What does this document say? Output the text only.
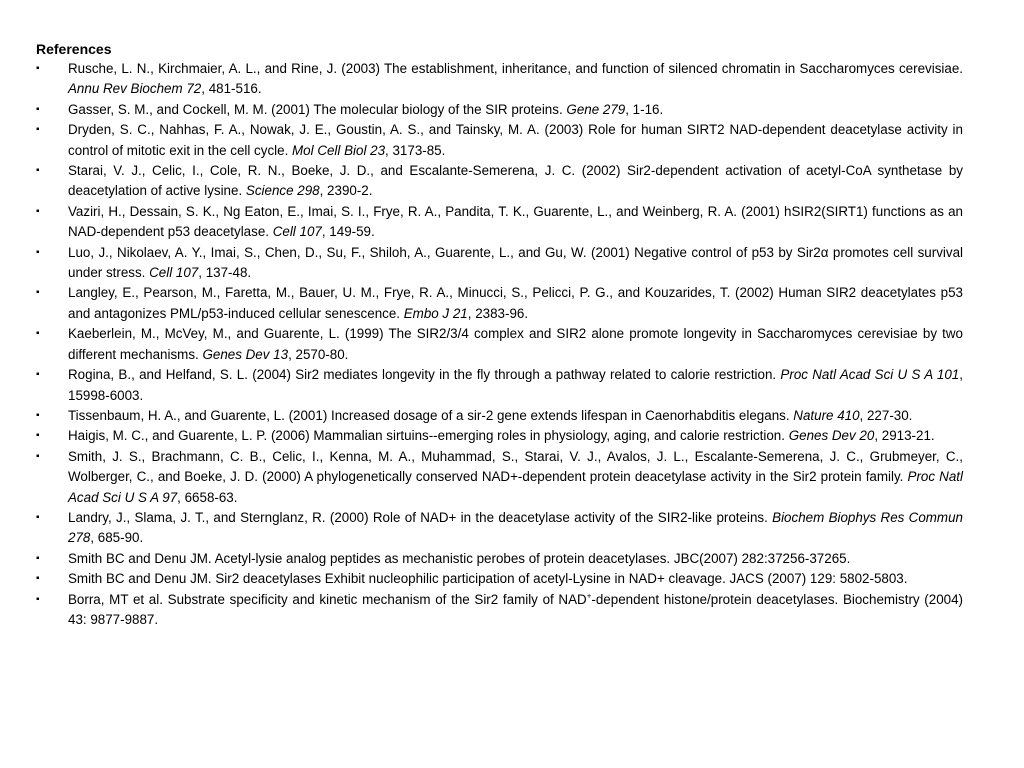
References
▪	Rusche, L. N., Kirchmaier, A. L., and Rine, J. (2003) The establishment, inheritance, and function of silenced chromatin in Saccharomyces cerevisiae. Annu Rev Biochem 72, 481-516.
▪	Gasser, S. M., and Cockell, M. M. (2001) The molecular biology of the SIR proteins. Gene 279, 1-16.
▪	Dryden, S. C., Nahhas, F. A., Nowak, J. E., Goustin, A. S., and Tainsky, M. A. (2003) Role for human SIRT2 NAD-dependent deacetylase activity in control of mitotic exit in the cell cycle. Mol Cell Biol 23, 3173-85.
▪	Starai, V. J., Celic, I., Cole, R. N., Boeke, J. D., and Escalante-Semerena, J. C. (2002) Sir2-dependent activation of acetyl-CoA synthetase by deacetylation of active lysine. Science 298, 2390-2.
▪	Vaziri, H., Dessain, S. K., Ng Eaton, E., Imai, S. I., Frye, R. A., Pandita, T. K., Guarente, L., and Weinberg, R. A. (2001) hSIR2(SIRT1) functions as an NAD-dependent p53 deacetylase. Cell 107, 149-59.
▪	Luo, J., Nikolaev, A. Y., Imai, S., Chen, D., Su, F., Shiloh, A., Guarente, L., and Gu, W. (2001) Negative control of p53 by Sir2α promotes cell survival under stress. Cell 107, 137-48.
▪	Langley, E., Pearson, M., Faretta, M., Bauer, U. M., Frye, R. A., Minucci, S., Pelicci, P. G., and Kouzarides, T. (2002) Human SIR2 deacetylates p53 and antagonizes PML/p53-induced cellular senescence. Embo J 21, 2383-96.
▪	Kaeberlein, M., McVey, M., and Guarente, L. (1999) The SIR2/3/4 complex and SIR2 alone promote longevity in Saccharomyces cerevisiae by two different mechanisms. Genes Dev 13, 2570-80.
▪	Rogina, B., and Helfand, S. L. (2004) Sir2 mediates longevity in the fly through a pathway related to calorie restriction. Proc Natl Acad Sci U S A 101, 15998-6003.
▪	Tissenbaum, H. A., and Guarente, L. (2001) Increased dosage of a sir-2 gene extends lifespan in Caenorhabditis elegans. Nature 410, 227-30.
▪	Haigis, M. C., and Guarente, L. P. (2006) Mammalian sirtuins--emerging roles in physiology, aging, and calorie restriction. Genes Dev 20, 2913-21.
▪	Smith, J. S., Brachmann, C. B., Celic, I., Kenna, M. A., Muhammad, S., Starai, V. J., Avalos, J. L., Escalante-Semerena, J. C., Grubmeyer, C., Wolberger, C., and Boeke, J. D. (2000) A phylogenetically conserved NAD+-dependent protein deacetylase activity in the Sir2 protein family. Proc Natl Acad Sci U S A 97, 6658-63.
▪	Landry, J., Slama, J. T., and Sternglanz, R. (2000) Role of NAD+ in the deacetylase activity of the SIR2-like proteins. Biochem Biophys Res Commun 278, 685-90.
▪	Smith BC and Denu JM. Acetyl-lysie analog peptides as mechanistic perobes of protein deacetylases. JBC(2007) 282:37256-37265.
▪	Smith BC and Denu JM. Sir2 deacetylases Exhibit nucleophilic participation of acetyl-Lysine in NAD+ cleavage. JACS (2007) 129: 5802-5803.
▪	Borra, MT et al. Substrate specificity and kinetic mechanism of the Sir2 family of NAD+-dependent histone/protein deacetylases. Biochemistry (2004) 43: 9877-9887.
